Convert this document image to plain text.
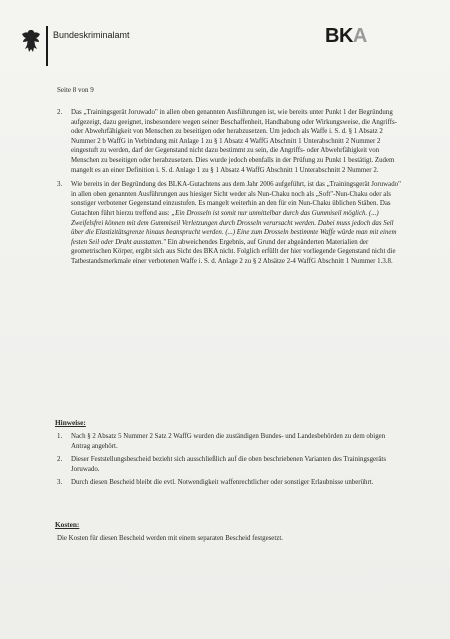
Bundeskriminalamt	BKA
Seite 8 von 9
2. Das „Trainingsgerät Joruwado" in allen oben genannten Ausführungen ist, wie bereits unter Punkt 1 der Begründung aufgezeigt, dazu geeignet, insbesondere wegen seiner Beschaffenheit, Handhabung oder Wirkungsweise, die Angriffs- oder Abwehrfähigkeit von Menschen zu beseitigen oder herabzusetzen. Um jedoch als Waffe i. S. d. § 1 Absatz 2 Nummer 2 b WaffG in Verbindung mit Anlage 1 zu § 1 Absatz 4 WaffG Abschnitt 1 Unterabschnitt 2 Nummer 2 eingestuft zu werden, darf der Gegenstand nicht dazu bestimmt zu sein, die Angriffs- oder Abwehrfähigkeit von Menschen zu beseitigen oder herabzusetzen. Dies wurde jedoch ebenfalls in der Prüfung zu Punkt 1 bestätigt. Zudem mangelt es an einer Definition i. S. d. Anlage 1 zu § 1 Absatz 4 WaffG Abschnitt 1 Unterabschnitt 2 Nummer 2.

3. Wie bereits in der Begründung des BLKA-Gutachtens aus dem Jahr 2006 aufgeführt, ist das „Trainingsgerät Joruwado" in allen oben genannten Ausführungen aus hiesiger Sicht weder als Nun-Chaku noch als „Soft"-Nun-Chaku oder als sonstiger verbotener Gegenstand einzustufen. Es mangelt weiterhin an den für ein Nun-Chaku üblichen Stäben. Das Gutachten führt hierzu treffend aus: „Ein Drosseln ist somit nur unmittelbar durch das Gummiseil möglich. (...) Zweifelsfrei können mit dem Gummiseil Verletzungen durch Drosseln verursacht werden. Dabei muss jedoch das Seil über die Elastizitätsgrenze hinaus beansprucht werden. (...) Eine zum Drosseln bestimmte Waffe würde man mit einem festen Seil oder Draht ausstatten." Ein abweichendes Ergebnis, auf Grund der abgeänderten Materialien der geometrischen Körper, ergibt sich aus Sicht des BKA nicht. Folglich erfüllt der hier vorliegende Gegenstand nicht die Tatbestandsmerkmale einer verbotenen Waffe i. S. d. Anlage 2 zu § 2 Absätze 2-4 WaffG Abschnitt 1 Nummer 1.3.8.

Hinweise:
1. Nach § 2 Absatz 5 Nummer 2 Satz 2 WaffG wurden die zuständigen Bundes- und Landesbehörden zu dem obigen Antrag angehört.

2. Dieser Feststellungsbescheid bezieht sich ausschließlich auf die oben beschriebenen Varianten des Trainingsgeräts Joruwado.

3. Durch diesen Bescheid bleibt die evtl. Notwendigkeit waffenrechtlicher oder sonstiger Erlaubnisse unberührt.

Kosten:

Die Kosten für diesen Bescheid werden mit einem separaten Bescheid festgesetzt.
